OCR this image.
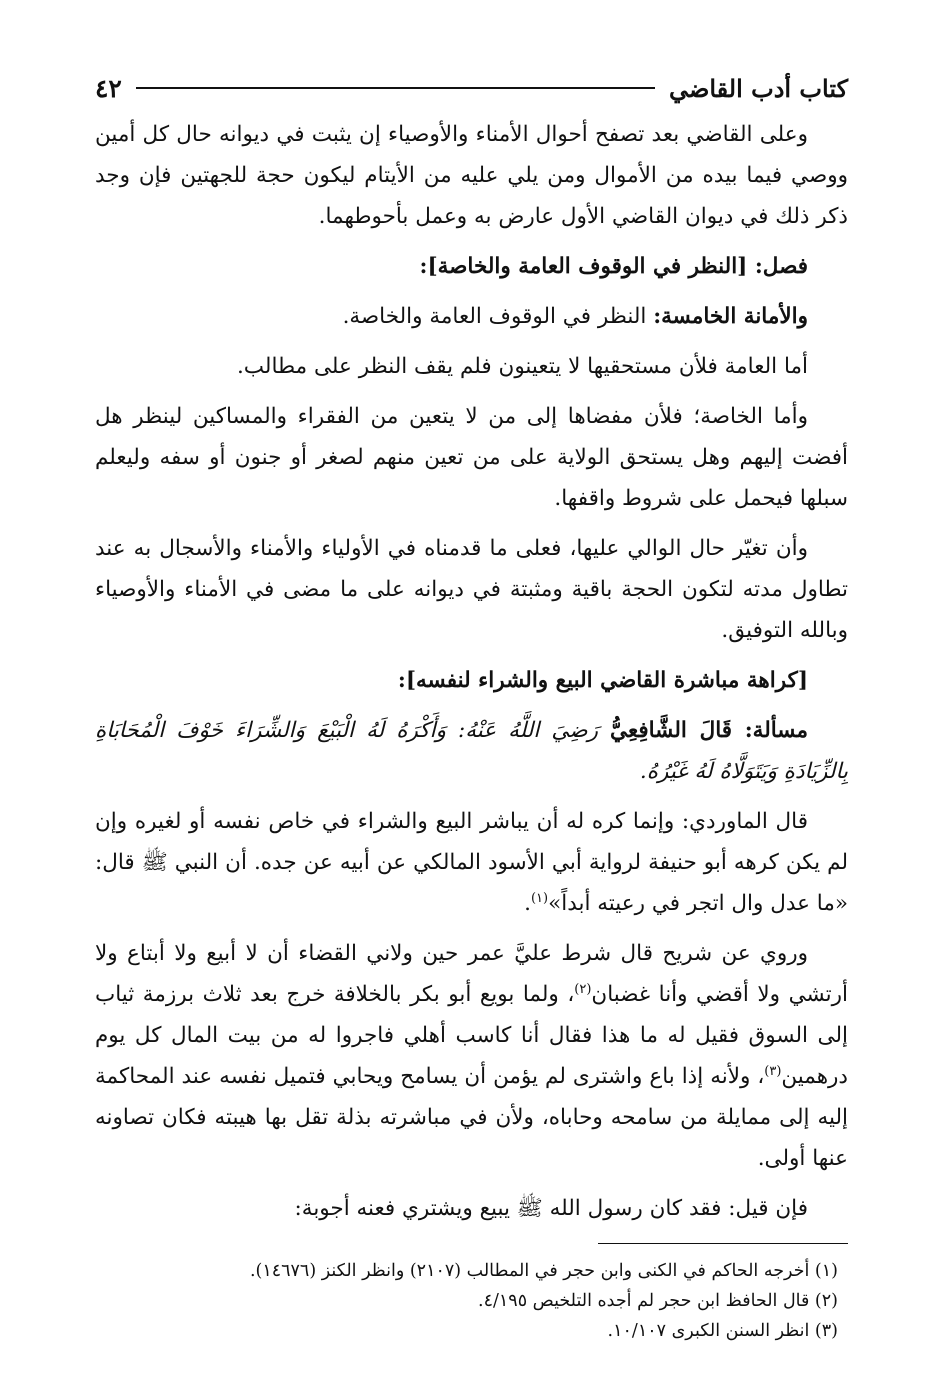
كتاب أدب القاضي
٤٢

وعلى القاضي بعد تصفح أحوال الأمناء والأوصياء إن يثبت في ديوانه حال كل أمين ووصي فيما بيده من الأموال ومن يلي عليه من الأيتام ليكون حجة للجهتين فإن وجد ذكر ذلك في ديوان القاضي الأول عارض به وعمل بأحوطهما.

فصل: [النظر في الوقوف العامة والخاصة]:

والأمانة الخامسة: النظر في الوقوف العامة والخاصة.

أما العامة فلأن مستحقيها لا يتعينون فلم يقف النظر على مطالب.

وأما الخاصة؛ فلأن مفضاها إلى من لا يتعين من الفقراء والمساكين لينظر هل أفضت إليهم وهل يستحق الولاية على من تعين منهم لصغر أو جنون أو سفه وليعلم سبلها فيحمل على شروط واقفها.

وأن تغيّر حال الوالي عليها، فعلى ما قدمناه في الأولياء والأمناء والأسجال به عند تطاول مدته لتكون الحجة باقية ومثبتة في ديوانه على ما مضى في الأمناء والأوصياء وبالله التوفيق.

[كراهة مباشرة القاضي البيع والشراء لنفسه]:

مسألة: قَالَ الشَّافِعِيُّ رَضِيَ اللَّهُ عَنْهُ: وَأَكْرَهُ لَهُ الْبَيْعَ وَالشِّرَاءَ خَوْفَ الْمُحَابَاةِ بِالزِّيَادَةِ وَيَتَوَلَّاهُ لَهُ غَيْرُهُ.

قال الماوردي: وإنما كره له أن يباشر البيع والشراء في خاص نفسه أو لغيره وإن لم يكن كرهه أبو حنيفة لرواية أبي الأسود المالكي عن أبيه عن جده. أن النبي ﷺ قال: «ما عدل وال اتجر في رعيته أبداً»$^{(١)}$.

وروي عن شريح قال شرط عليَّ عمر حين ولاني القضاء أن لا أبيع ولا أبتاع ولا أرتشي ولا أقضي وأنا غضبان$^{(٢)}$، ولما بويع أبو بكر بالخلافة خرج بعد ثلاث برزمة ثياب إلى السوق فقيل له ما هذا فقال أنا كاسب أهلي فاجروا له من بيت المال كل يوم درهمين$^{(٣)}$، ولأنه إذا باع واشترى لم يؤمن أن يسامح ويحابي فتميل نفسه عند المحاكمة إليه إلى ممايلة من سامحه وحاباه، ولأن في مباشرته بذلة تقل بها هيبته فكان تصاونه عنها أولى.

فإن قيل: فقد كان رسول الله ﷺ يبيع ويشتري فعنه أجوبة:

(١) أخرجه الحاكم في الكنى وابن حجر في المطالب (٢١٠٧) وانظر الكنز (١٤٦٧٦).

(٢) قال الحافظ ابن حجر لم أجده التلخيص ٤/١٩٥.

(٣) انظر السنن الكبرى ١٠/١٠٧.
